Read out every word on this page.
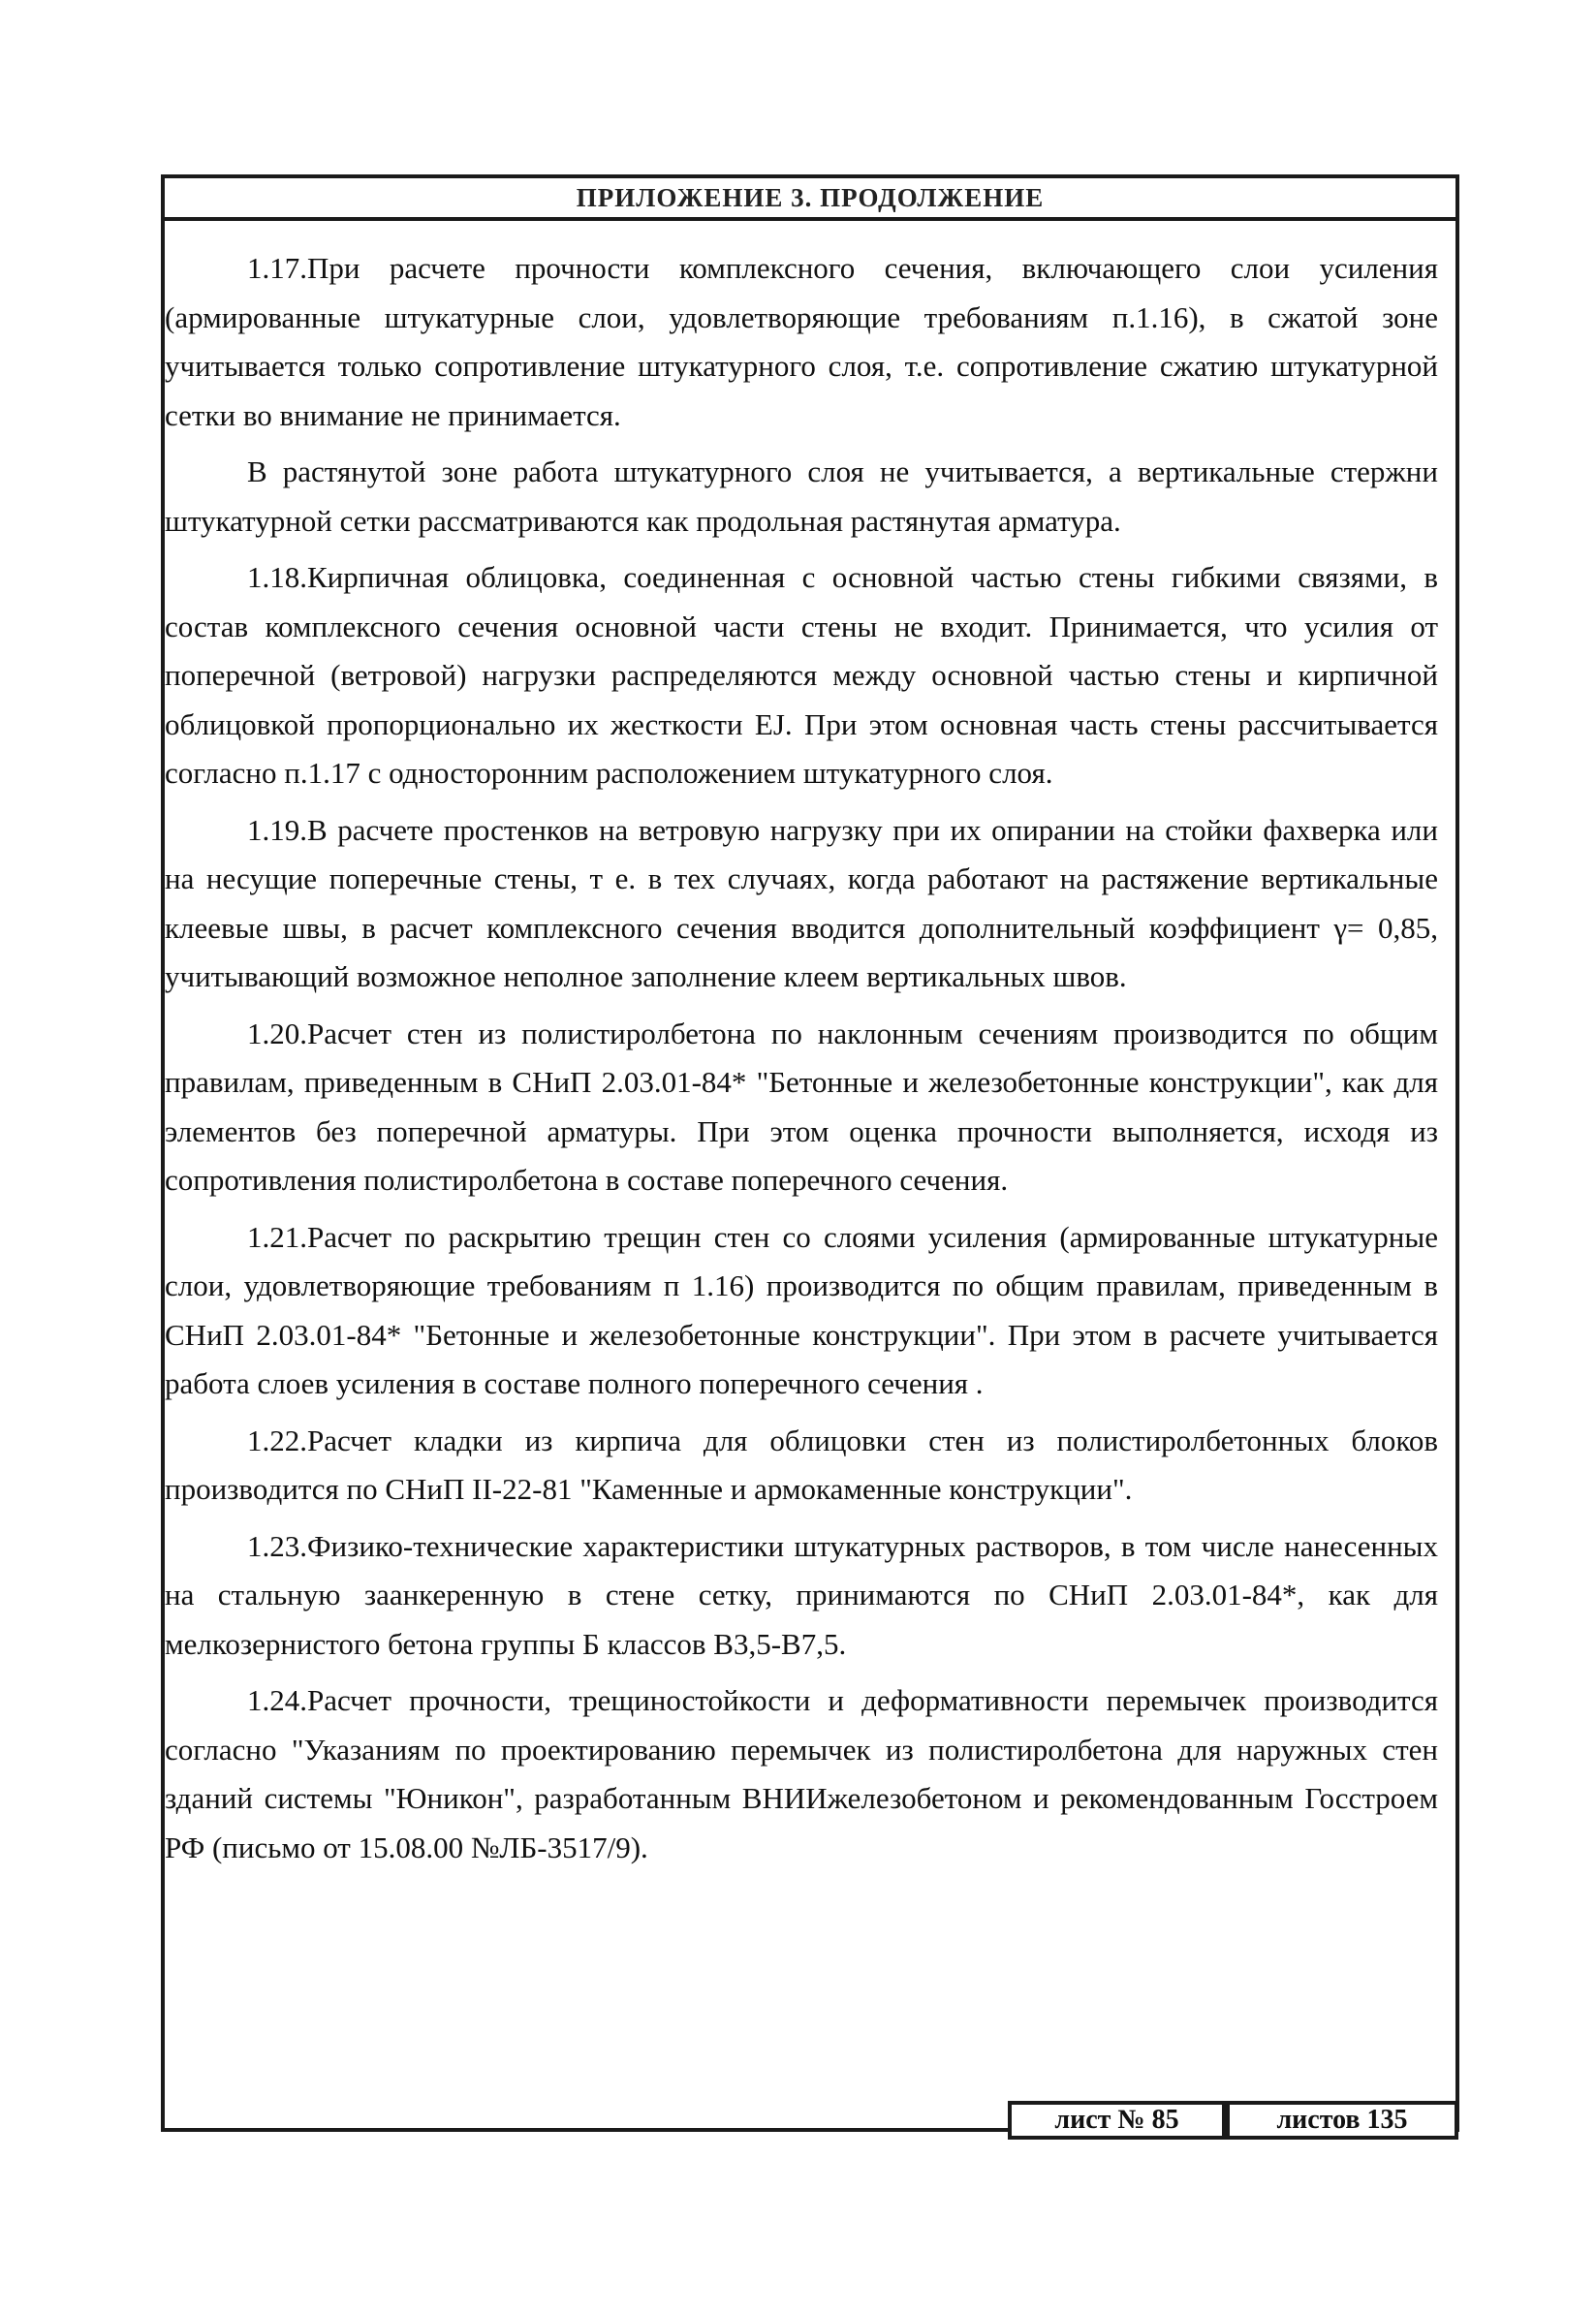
ПРИЛОЖЕНИЕ 3. ПРОДОЛЖЕНИЕ

1.17.При расчете прочности комплексного сечения, включающего слои усиления (армированные штукатурные слои, удовлетворяющие требованиям п.1.16), в сжатой зоне учитывается только сопротивление штукатурного слоя, т.е. сопротивление сжатию штукатурной сетки во внимание не принимается.

В растянутой зоне работа штукатурного слоя не учитывается, а вертикальные стержни штукатурной сетки рассматриваются как продольная растянутая арматура.

1.18.Кирпичная облицовка, соединенная с основной частью стены гибкими связями, в состав комплексного сечения основной части стены не входит. Принимается, что усилия от поперечной (ветровой) нагрузки распределяются между основной частью стены и кирпичной облицовкой пропорционально их жесткости EJ. При этом основная часть стены рассчитывается согласно п.1.17 с односторонним расположением штукатурного слоя.

1.19.В расчете простенков на ветровую нагрузку при их опирании на стойки фахверка или на несущие поперечные стены, т е. в тех случаях, когда работают на растяжение вертикальные клеевые швы, в расчет комплексного сечения вводится дополнительный коэффициент γ= 0,85, учитывающий возможное неполное заполнение клеем вертикальных швов.

1.20.Расчет стен из полистиролбетона по наклонным сечениям производится по общим правилам, приведенным в СНиП 2.03.01-84* "Бетонные и железобетонные конструкции", как для элементов без поперечной арматуры. При этом оценка прочности выполняется, исходя из сопротивления полистиролбетона в составе поперечного сечения.

1.21.Расчет по раскрытию трещин стен со слоями усиления (армированные штукатурные слои, удовлетворяющие требованиям п 1.16) производится по общим правилам, приведенным в СНиП 2.03.01-84* "Бетонные и железобетонные конструкции". При этом в расчете учитывается работа слоев усиления в составе полного поперечного сечения .

1.22.Расчет кладки из кирпича для облицовки стен из полистиролбетонных блоков производится по СНиП II-22-81 "Каменные и армокаменные конструкции".

1.23.Физико-технические характеристики штукатурных растворов, в том числе нанесенных на стальную заанкеренную в стене сетку, принимаются по СНиП 2.03.01-84*, как для мелкозернистого бетона группы Б классов В3,5-В7,5.

1.24.Расчет прочности, трещиностойкости и деформативности перемычек производится согласно "Указаниям по проектированию перемычек из полистиролбетона для наружных стен зданий системы "Юникон", разработанным ВНИИжелезобетоном и рекомендованным Госстроем РФ (письмо от 15.08.00 №ЛБ-3517/9).

лист № 85	листов 135
